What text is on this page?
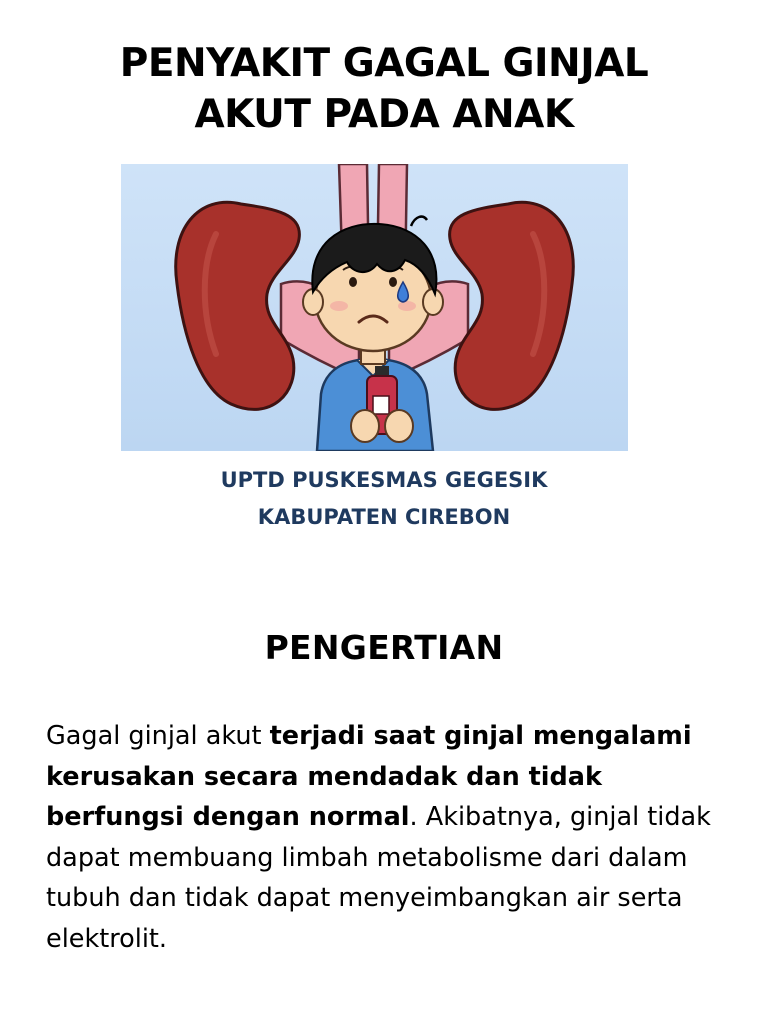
PENYAKIT GAGAL GINJAL
AKUT PADA ANAK
UPTD PUSKESMAS GEGESIK
KABUPATEN CIREBON
PENGERTIAN

Gagal ginjal akut terjadi saat ginjal mengalami kerusakan secara mendadak dan tidak berfungsi dengan normal. Akibatnya, ginjal tidak dapat membuang limbah metabolisme dari dalam tubuh dan tidak dapat menyeimbangkan air serta elektrolit.
